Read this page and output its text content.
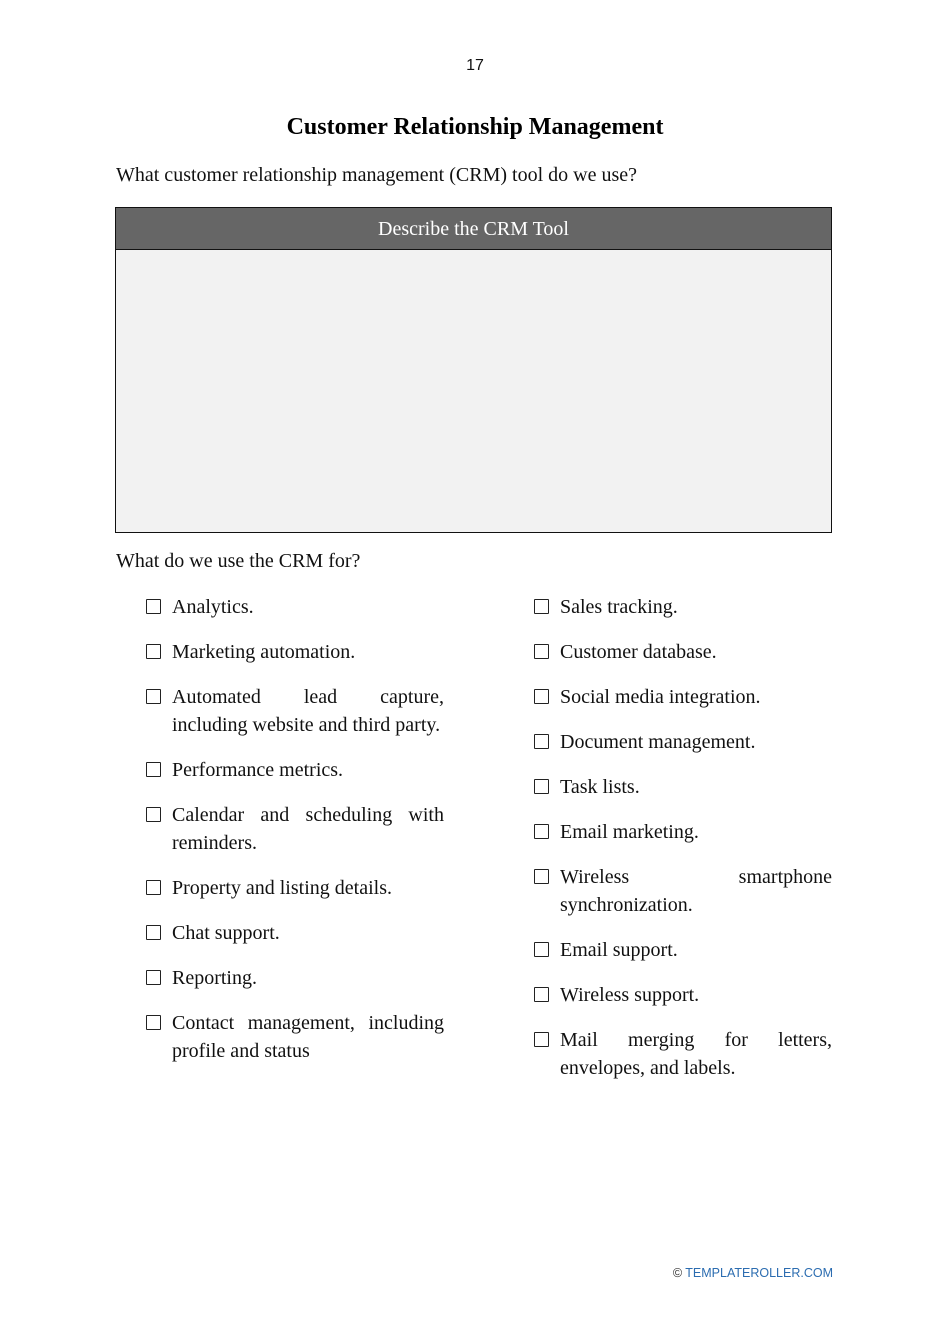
17
Customer Relationship Management
What customer relationship management (CRM) tool do we use?
Describe the CRM Tool
What do we use the CRM for?
Analytics.
Marketing automation.
Automated lead capture, including website and third party.
Performance metrics.
Calendar and scheduling with reminders.
Property and listing details.
Chat support.
Reporting.
Contact management, including profile and status
Sales tracking.
Customer database.
Social media integration.
Document management.
Task lists.
Email marketing.
Wireless smartphone synchronization.
Email support.
Wireless support.
Mail merging for letters, envelopes, and labels.
© TEMPLATEROLLER.COM
